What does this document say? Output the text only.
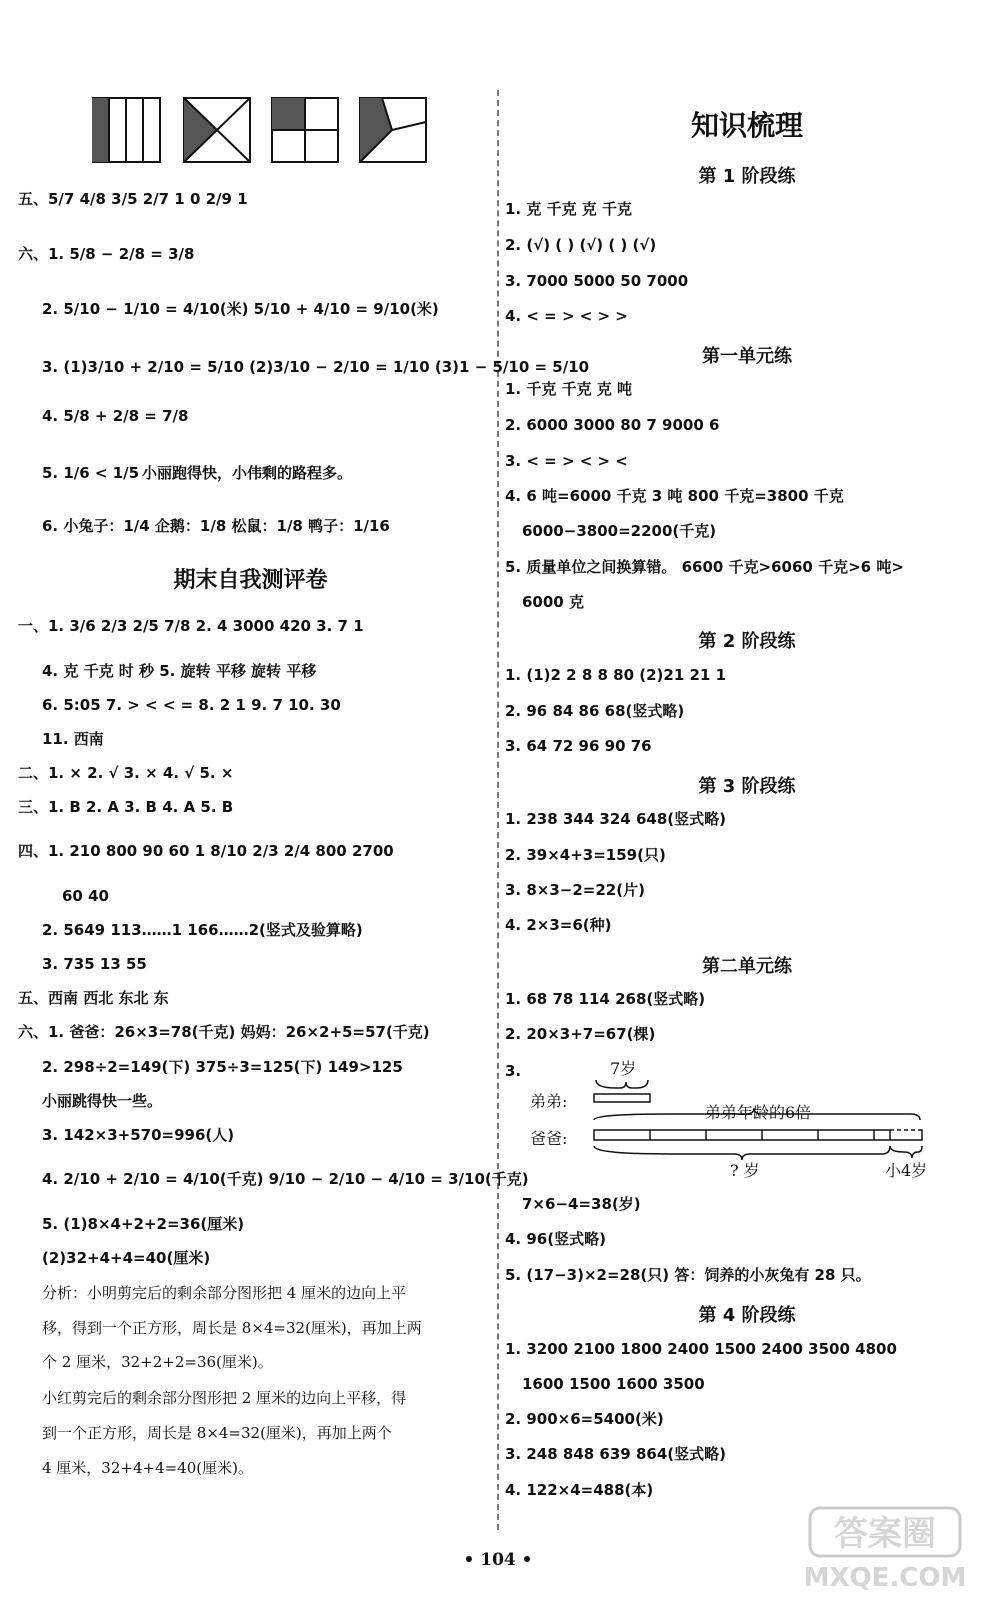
五、5/7 4/8 3/5 2/7 1 0 2/9 1
六、1. 5/8 − 2/8 = 3/8
2. 5/10 − 1/10 = 4/10(米) 5/10 + 4/10 = 9/10(米)
3. (1)3/10 + 2/10 = 5/10 (2)3/10 − 2/10 = 1/10 (3)1 − 5/10 = 5/10
4. 5/8 + 2/8 = 7/8
5. 1/6 < 1/5 小丽跑得快，小伟剩的路程多。
6. 小兔子：1/4 企鹅：1/8 松鼠：1/8 鸭子：1/16
期末自我测评卷
一、1. 3/6 2/3 2/5 7/8 2. 4 3000 420 3. 7 1
4. 克 千克 时 秒 5. 旋转 平移 旋转 平移
6. 5:05 7. > < < = 8. 2 1 9. 7 10. 30
11. 西南
二、1. × 2. √ 3. × 4. √ 5. ×
三、1. B 2. A 3. B 4. A 5. B
四、1. 210 800 90 60 1 8/10 2/3 2/4 800 2700
60 40
2. 5649 113……1 166……2(竖式及验算略)
3. 735 13 55
五、西南 西北 东北 东
六、1. 爸爸：26×3=78(千克) 妈妈：26×2+5=57(千克)
2. 298÷2=149(下) 375÷3=125(下) 149>125
小丽跳得快一些。
3. 142×3+570=996(人)
4. 2/10 + 2/10 = 4/10(千克) 9/10 − 2/10 − 4/10 = 3/10(千克)
5. (1)8×4+2+2=36(厘米)
(2)32+4+4=40(厘米)
分析：小明剪完后的剩余部分图形把 4 厘米的边向上平
移，得到一个正方形，周长是 8×4=32(厘米)，再加上两
个 2 厘米，32+2+2=36(厘米)。
小红剪完后的剩余部分图形把 2 厘米的边向上平移，得
到一个正方形，周长是 8×4=32(厘米)，再加上两个
4 厘米，32+4+4=40(厘米)。
知识梳理
第 1 阶段练
1. 克 千克 克 千克
2. (√) ( ) (√) ( ) (√)
3. 7000 5000 50 7000
4. < = > < > >
第一单元练
1. 千克 千克 克 吨
2. 6000 3000 80 7 9000 6
3. < = > < > <
4. 6 吨=6000 千克 3 吨 800 千克=3800 千克
6000−3800=2200(千克)
5. 质量单位之间换算错。 6600 千克>6060 千克>6 吨>
6000 克
第 2 阶段练
1. (1)2 2 8 8 80 (2)21 21 1
2. 96 84 86 68(竖式略)
3. 64 72 96 90 76
第 3 阶段练
1. 238 344 324 648(竖式略)
2. 39×4+3=159(只)
3. 8×3−2=22(片)
4. 2×3=6(种)
第二单元练
1. 68 78 114 268(竖式略)
2. 20×3+7=67(棵)
3.	7岁
弟弟:
弟弟年龄的6倍
爸爸:
? 岁	小4岁
7×6−4=38(岁)
4. 96(竖式略)
5. (17−3)×2=28(只) 答：饲养的小灰兔有 28 只。
第 4 阶段练
1. 3200 2100 1800 2400 1500 2400 3500 4800
1600 1500 1600 3500
2. 900×6=5400(米)
3. 248 848 639 864(竖式略)
4. 122×4=488(本)
• 104 •
答案圈
MXQE.COM
